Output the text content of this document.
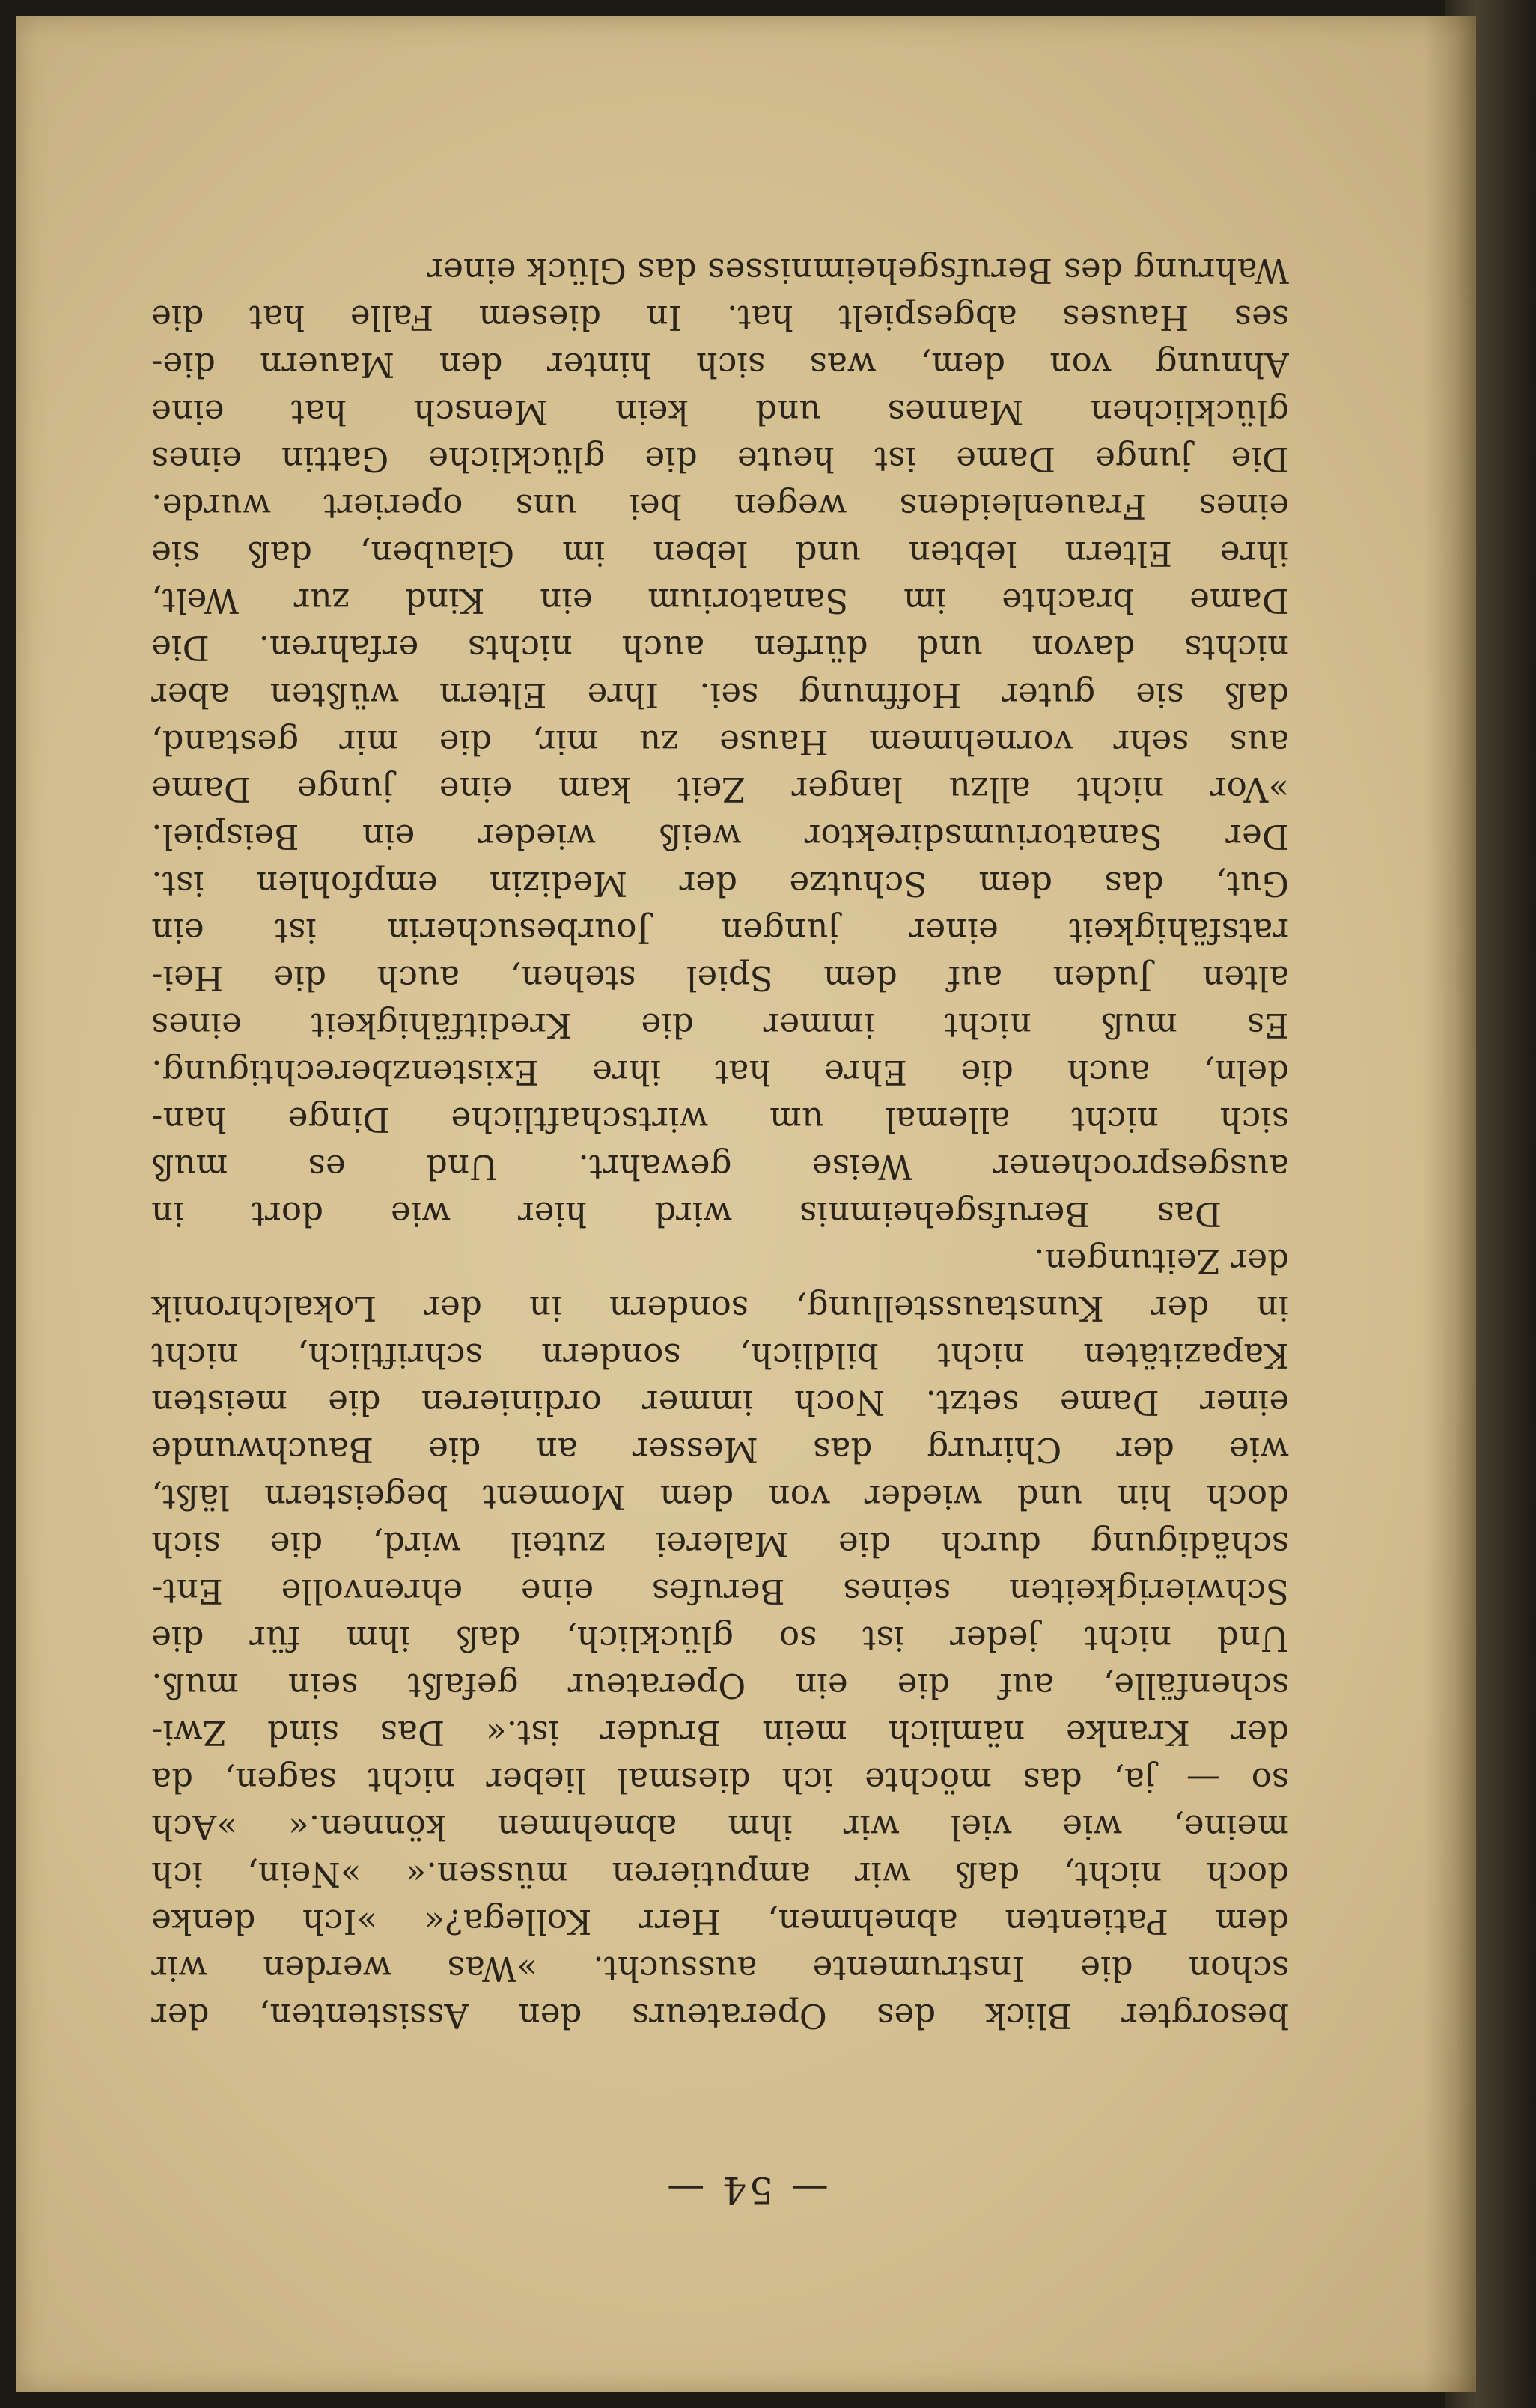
— 54 —
besorgter Blick des Operateurs den Assistenten, der
schon die Instrumente aussucht. »Was werden wir
dem Patienten abnehmen, Herr Kollega?« »Ich denke
doch nicht, daß wir amputieren müssen.« »Nein, ich
meine, wie viel wir ihm abnehmen können.« »Ach
so — ja, das möchte ich diesmal lieber nicht sagen, da
der Kranke nämlich mein Bruder ist.« Das sind Zwi-
schenfälle, auf die ein Operateur gefaßt sein muß.
Und nicht jeder ist so glücklich, daß ihm für die
Schwierigkeiten seines Berufes eine ehrenvolle Ent-
schädigung durch die Malerei zuteil wird, die sich
doch hin und wieder von dem Moment begeistern läßt,
wie der Chirurg das Messer an die Bauchwunde
einer Dame setzt. Noch immer ordinieren die meisten
Kapazitäten nicht bildlich, sondern schriftlich, nicht
in der Kunstausstellung, sondern in der Lokalchronik
der Zeitungen.
Das Berufsgeheimnis wird hier wie dort in
ausgesprochener Weise gewahrt. Und es muß
sich nicht allemal um wirtschaftliche Dinge han-
deln, auch die Ehre hat ihre Existenzberechtigung.
Es muß nicht immer die Kreditfähigkeit eines
alten Juden auf dem Spiel stehen, auch die Hei-
ratsfähigkeit einer jungen Jourbesucherin ist ein
Gut, das dem Schutze der Medizin empfohlen ist.
Der Sanatoriumsdirektor weiß wieder ein Beispiel.
»Vor nicht allzu langer Zeit kam eine junge Dame
aus sehr vornehmem Hause zu mir, die mir gestand,
daß sie guter Hoffnung sei. Ihre Eltern wüßten aber
nichts davon und dürfen auch nichts erfahren. Die
Dame brachte im Sanatorium ein Kind zur Welt,
ihre Eltern lebten und leben im Glauben, daß sie
eines Frauenleidens wegen bei uns operiert wurde.
Die junge Dame ist heute die glückliche Gattin eines
glücklichen Mannes und kein Mensch hat eine
Ahnung von dem, was sich hinter den Mauern die-
ses Hauses abgespielt hat. In diesem Falle hat die
Wahrung des Berufsgeheimnisses das Glück einer
